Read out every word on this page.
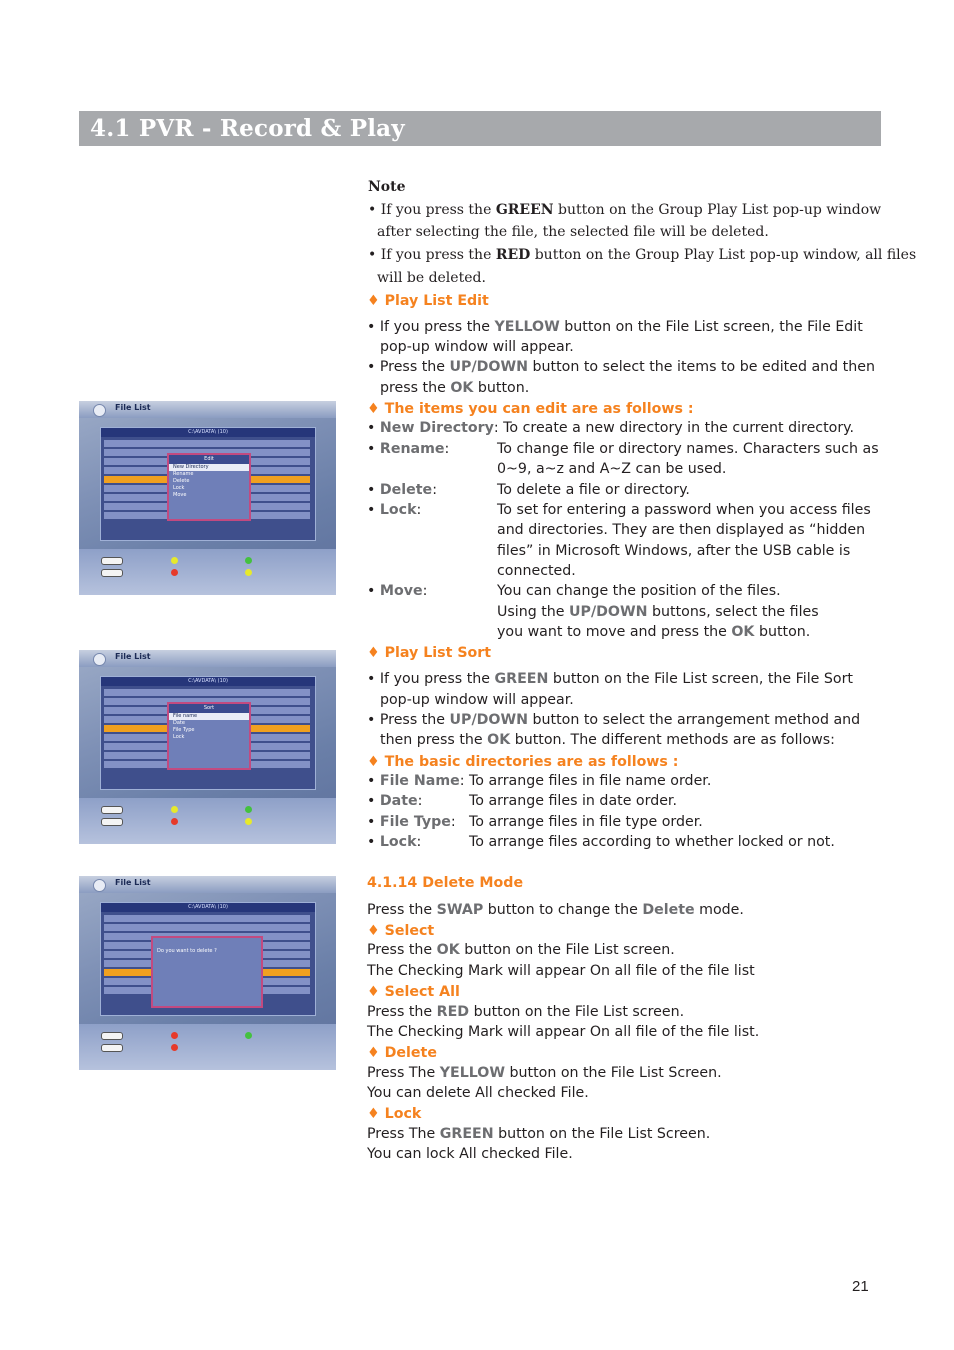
4.1 PVR - Record & Play
File List
C:\AVDATA\ (10)
Edit
New Directory
Rename
Delete
Lock
Move
File List
C:\AVDATA\ (10)
Sort
File name
Date
File Type
Lock
File List
C:\AVDATA\ (10)
Do you want to delete ?
Note
• If you press the GREEN button on the Group Play List pop-up window
after selecting the file, the selected file will be deleted.
• If you press the RED button on the Group Play List pop-up window, all files
will be deleted.
♦ Play List Edit
• If you press the YELLOW button on the File List screen, the File Edit
pop-up window will appear.
• Press the UP/DOWN button to select the items to be edited and then
press the OK button.
♦ The items you can edit are as follows :
• New Directory: To create a new directory in the current directory.
• Rename:	To change file or directory names. Characters such as
0~9, a~z and A~Z can be used.
• Delete:	To delete a file or directory.
• Lock:	To set for entering a password when you access files
and directories. They are then displayed as “hidden
files” in Microsoft Windows, after the USB cable is
connected.
• Move:	You can change the position of the files.
Using the UP/DOWN buttons, select the files
you want to move and press the OK button.
♦ Play List Sort
• If you press the GREEN button on the File List screen, the File Sort
pop-up window will appear.
• Press the UP/DOWN button to select the arrangement method and
then press the OK button. The different methods are as follows:
♦ The basic directories are as follows :
• File Name: To arrange files in file name order.
• Date:	To arrange files in date order.
• File Type: To arrange files in file type order.
• Lock:	To arrange files according to whether locked or not.
4.1.14 Delete Mode
Press the SWAP button to change the Delete mode.
♦ Select
Press the OK button on the File List screen.
The Checking Mark will appear On all file of the file list
♦ Select All
Press the RED button on the File List screen.
The Checking Mark will appear On all file of the file list.
♦ Delete
Press The YELLOW button on the File List Screen.
You can delete All checked File.
♦ Lock
Press The GREEN button on the File List Screen.
You can lock All checked File.
21
